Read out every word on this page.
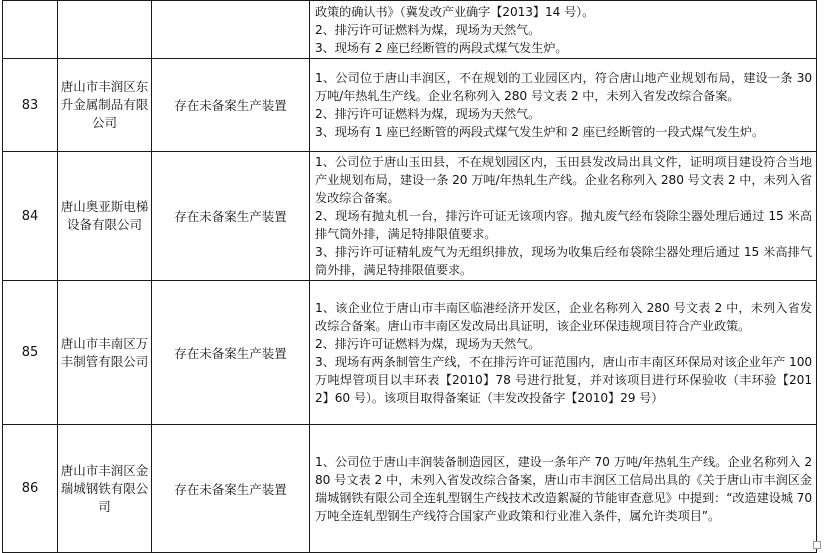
			政策的确认书》（冀发改产业确字【2013】14 号）。

2、排污许可证燃料为煤，现场为天然气。

3、现场有 2 座已经断管的两段式煤气发生炉。

83	唐山市丰润区东升金属制品有限公司	存在未备案生产装置	1、公司位于唐山丰润区，不在规划的工业园区内，符合唐山地产业规划布局，建设一条 30 万吨/年热轧生产线。企业名称列入 280 号文表 2 中，未列入省发改综合备案。

2、排污许可证燃料为煤，现场为天然气。

3、现场有 1 座已经断管的两段式煤气发生炉和 2 座已经断管的一段式煤气发生炉。

84	唐山奥亚斯电梯设备有限公司	存在未备案生产装置	1、公司位于唐山玉田县，不在规划园区内，玉田县发改局出具文件，证明项目建设符合当地产业规划布局，建设一条 20 万吨/年热轧生产线。企业名称列入 280 号文表 2 中，未列入省发改综合备案。

2、现场有抛丸机一台，排污许可证无该项内容。抛丸废气经布袋除尘器处理后通过 15 米高排气筒外排，满足特排限值要求。

3、排污许可证精轧废气为无组织排放，现场为收集后经布袋除尘器处理后通过 15 米高排气筒外排，满足特排限值要求。

85	唐山市丰南区万丰制管有限公司	存在未备案生产装置	1、该企业位于唐山市丰南区临港经济开发区，企业名称列入 280 号文表 2 中，未列入省发改综合备案。唐山市丰南区发改局出具证明，该企业环保违规项目符合产业政策。

2、排污许可证燃料为煤，现场为天然气。

3、现场有两条制管生产线，不在排污许可证范围内，唐山市丰南区环保局对该企业年产 100 万吨焊管项目以丰环表【2010】78 号进行批复，并对该项目进行环保验收（丰环验【2012】60 号）。该项目取得备案证（丰发改投备字【2010】29 号）

86	唐山市丰润区金瑞城钢铁有限公司	存在未备案生产装置	1、公司位于唐山丰润装备制造园区，建设一条年产 70 万吨/年热轧生产线。企业名称列入 280 号文表 2 中，未列入省发改综合备案，唐山市丰润区工信局出具的《关于唐山市丰润区金瑞城钢铁有限公司全连轧型钢生产线技术改造絮凝的节能审查意见》中提到：“改造建设城 70 万吨全连轧型钢生产线符合国家产业政策和行业准入条件，属允许类项目”。
